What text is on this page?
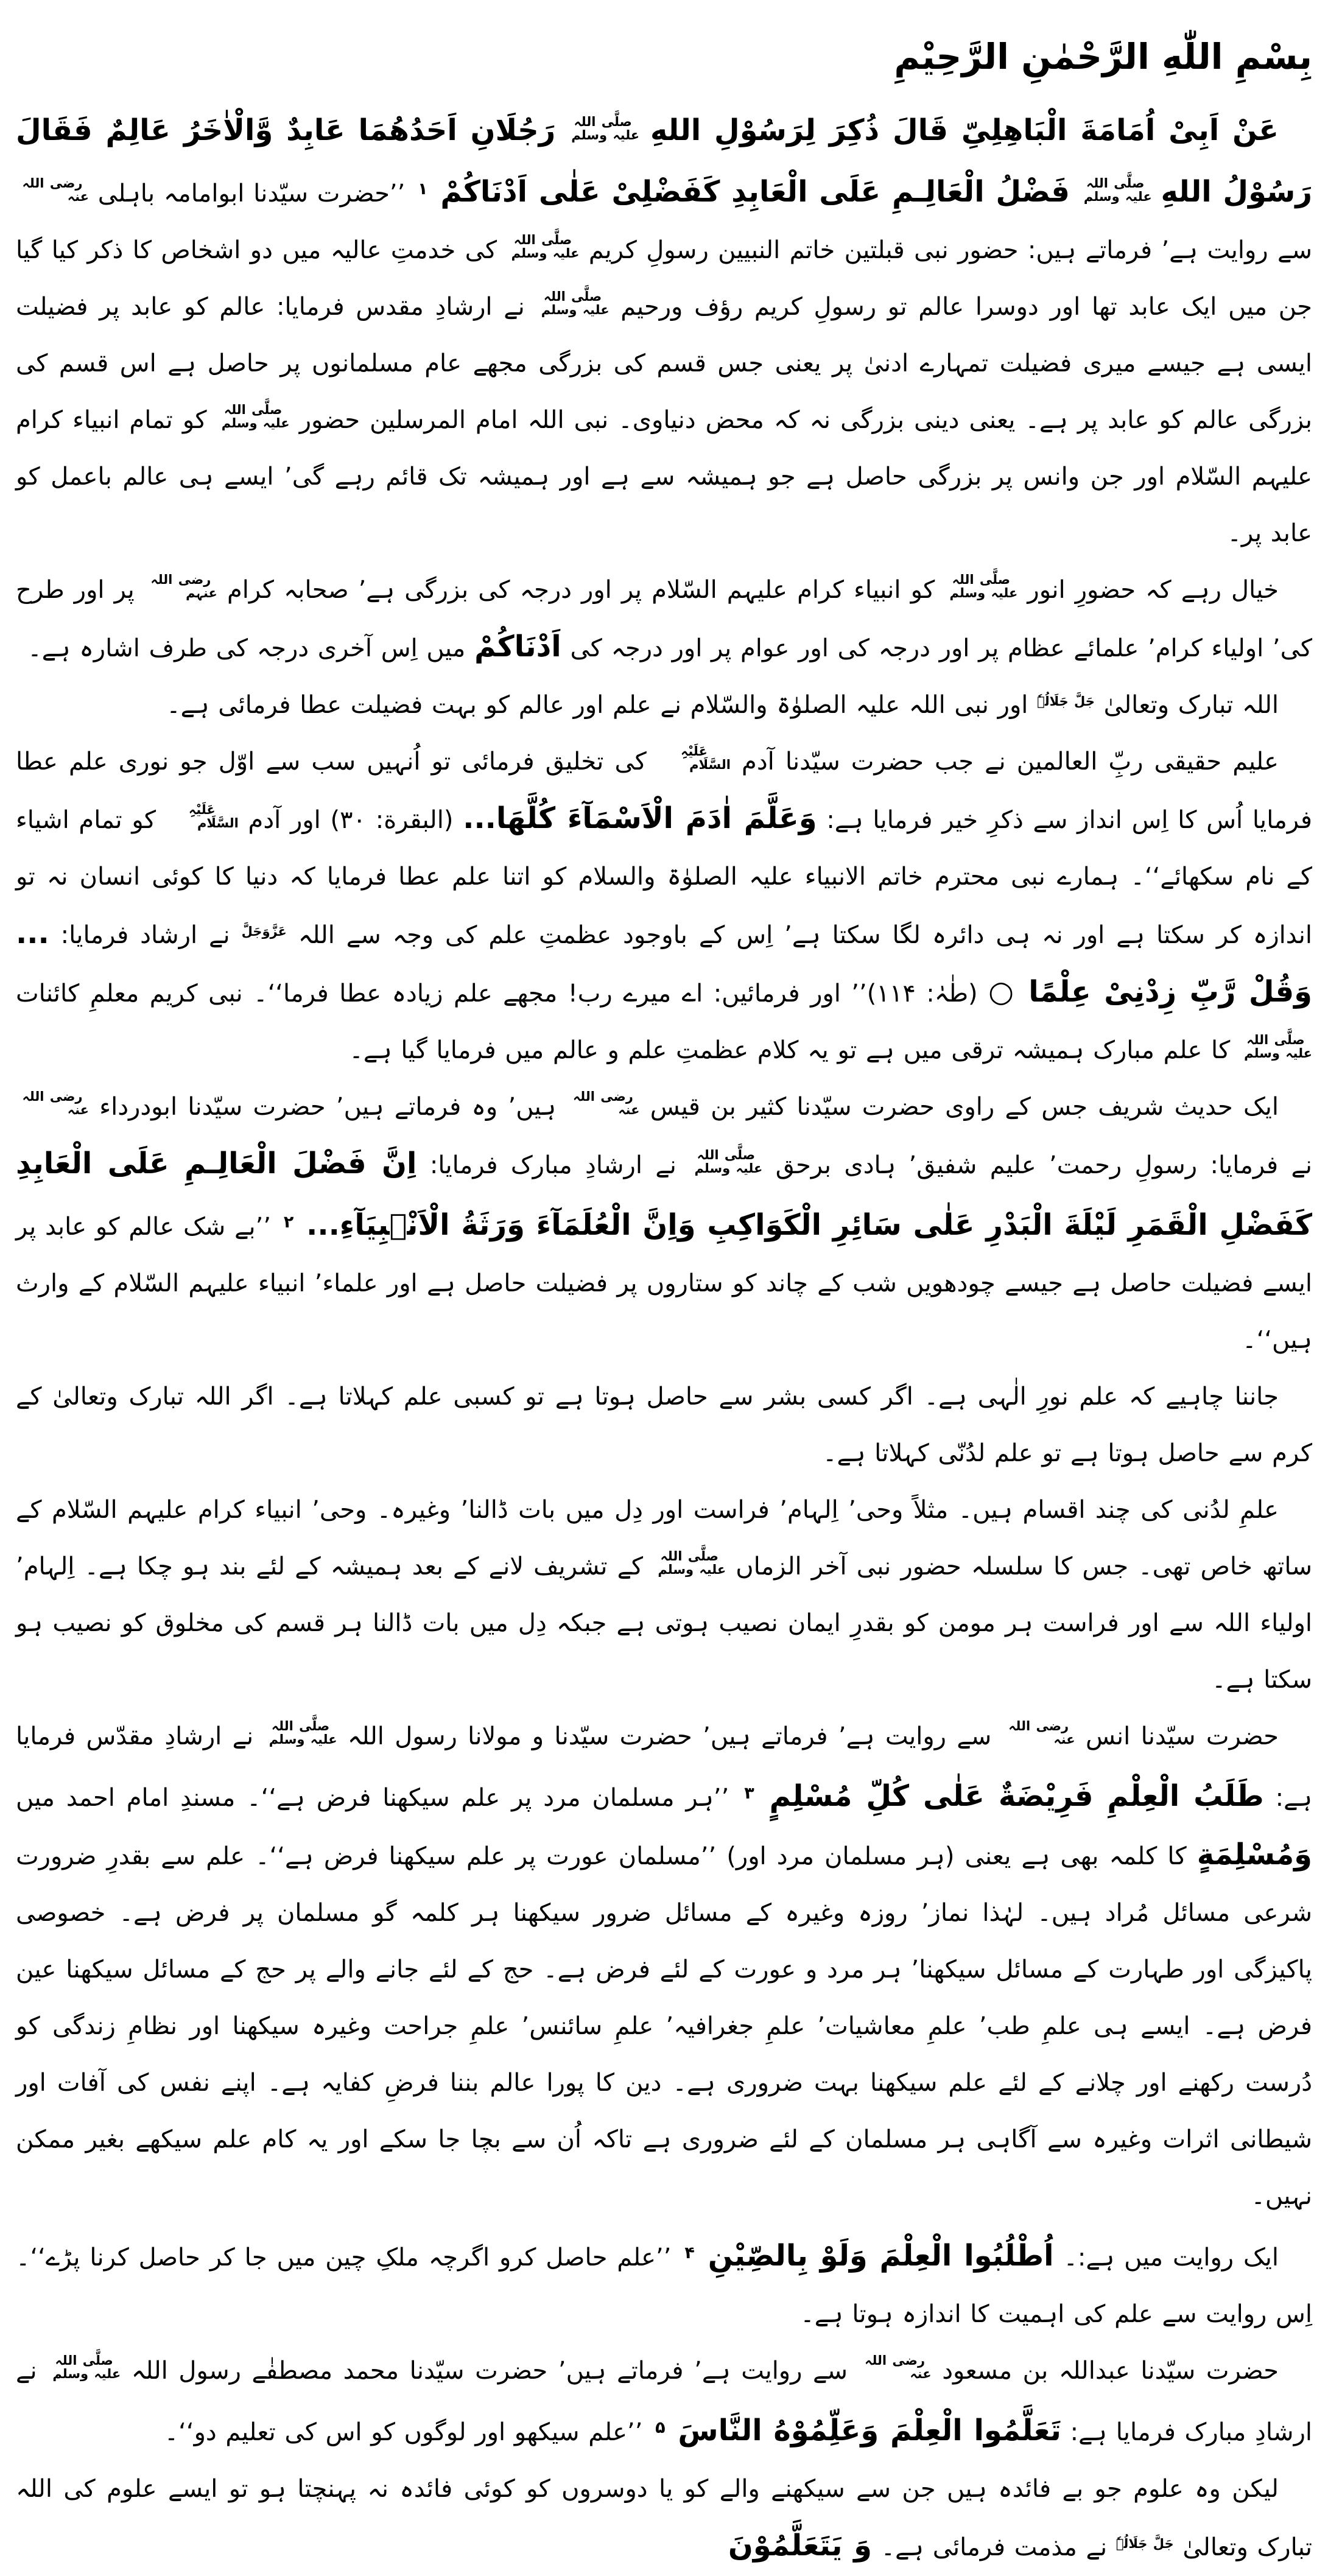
بِسْمِ اللّٰهِ الرَّحْمٰنِ الرَّحِيْمِ
عَنْ اَبِیْ اُمَامَةَ الْبَاهِلِیِّ قَالَ ذُکِرَ لِرَسُوْلِ اللهِ صلَّی اللہ علیہ وسلم رَجُلَانِ اَحَدُهُمَا عَابِدٌ وَّالْاٰخَرُ عَالِمٌ فَقَالَ رَسُوْلُ اللهِ صلَّی اللہ علیہ وسلم فَضْلُ الْعَالِـمِ عَلَی الْعَابِدِ کَفَضْلِیْ عَلٰی اَدْنَاکُمْ $^۱$ ’’حضرت سیّدنا ابوامامہ باہلی رضی اللہ عنہ سے روایت ہے’ فرماتے ہیں: حضور نبی قبلتین خاتم النبیین رسولِ کریم صلَّی اللہ علیہ وسلم کی خدمتِ عالیہ میں دو اشخاص کا ذکر کیا گیا جن میں ایک عابد تھا اور دوسرا عالم تو رسولِ کریم رؤف ورحیم صلَّی اللہ علیہ وسلم نے ارشادِ مقدس فرمایا: عالم کو عابد پر فضیلت ایسی ہے جیسے میری فضیلت تمہارے ادنیٰ پر یعنی جس قسم کی بزرگی مجھے عام مسلمانوں پر حاصل ہے اس قسم کی بزرگی عالم کو عابد پر ہے۔ یعنی دینی بزرگی نہ کہ محض دنیاوی۔ نبی اللہ امام المرسلین حضور صلَّی اللہ علیہ وسلم کو تمام انبیاء کرام علیہم السّلام اور جن وانس پر بزرگی حاصل ہے جو ہمیشہ سے ہے اور ہمیشہ تک قائم رہے گی’ ایسے ہی عالم باعمل کو عابد پر۔
خیال رہے کہ حضورِ انور صلَّی اللہ علیہ وسلم کو انبیاء کرام علیہم السّلام پر اور درجہ کی بزرگی ہے’ صحابہ کرام رضی اللہ عنہم پر اور طرح کی’ اولیاء کرام’ علمائے عظام پر اور درجہ کی اور عوام پر اور درجہ کی اَدْنَاکُمْ میں اِس آخری درجہ کی طرف اشارہ ہے۔
اللہ تبارک وتعالیٰ جَلَّ جَلَالُہٗ اور نبی اللہ علیہ الصلوٰۃ والسّلام نے علم اور عالم کو بہت فضیلت عطا فرمائی ہے۔
علیم حقیقی ربِّ العالمین نے جب حضرت سیّدنا آدم عَلَیْہِ السَّلَام کی تخلیق فرمائی تو اُنہیں سب سے اوّل جو نوری علم عطا فرمایا اُس کا اِس انداز سے ذکرِ خیر فرمایا ہے: وَعَلَّمَ اٰدَمَ الْاَسْمَآءَ کُلَّهَا... (البقرة: ۳۰) اور آدم عَلَیْہِ السَّلَام کو تمام اشیاء کے نام سکھائے‘‘۔ ہمارے نبی محترم خاتم الانبیاء علیہ الصلوٰۃ والسلام کو اتنا علم عطا فرمایا کہ دنیا کا کوئی انسان نہ تو اندازہ کر سکتا ہے اور نہ ہی دائرہ لگا سکتا ہے’ اِس کے باوجود عظمتِ علم کی وجہ سے اللہ عَزَّوَجَلَّ نے ارشاد فرمایا: ... وَقُلْ رَّبِّ زِدْنِیْ عِلْمًا ○ (طٰہٰ: ۱۱۴)’’ اور فرمائیں: اے میرے رب! مجھے علم زیادہ عطا فرما‘‘۔ نبی کریم معلمِ کائنات صلَّی اللہ علیہ وسلم کا علم مبارک ہمیشہ ترقی میں ہے تو یہ کلام عظمتِ علم و عالم میں فرمایا گیا ہے۔
ایک حدیث شریف جس کے راوی حضرت سیّدنا کثیر بن قیس رضی اللہ عنہ ہیں’ وہ فرماتے ہیں’ حضرت سیّدنا ابودرداء رضی اللہ عنہ نے فرمایا: رسولِ رحمت’ علیم شفیق’ ہادی برحق صلَّی اللہ علیہ وسلم نے ارشادِ مبارک فرمایا: اِنَّ فَضْلَ الْعَالِـمِ عَلَی الْعَابِدِ کَفَضْلِ الْقَمَرِ لَیْلَةَ الْبَدْرِ عَلٰی سَائِرِ الْکَوَاکِبِ وَاِنَّ الْعُلَمَآءَ وَرَثَةُ الْاَنْۢبِیَآءِ... $^۲$ ’’بے شک عالم کو عابد پر ایسے فضیلت حاصل ہے جیسے چودھویں شب کے چاند کو ستاروں پر فضیلت حاصل ہے اور علماء’ انبیاء علیہم السّلام کے وارث ہیں‘‘۔
جاننا چاہیے کہ علم نورِ الٰہی ہے۔ اگر کسی بشر سے حاصل ہوتا ہے تو کسبی علم کہلاتا ہے۔ اگر اللہ تبارک وتعالیٰ کے کرم سے حاصل ہوتا ہے تو علم لدُنّی کہلاتا ہے۔
علمِ لدُنی کی چند اقسام ہیں۔ مثلاً وحی’ اِلہام’ فراست اور دِل میں بات ڈالنا’ وغیرہ۔ وحی’ انبیاء کرام علیہم السّلام کے ساتھ خاص تھی۔ جس کا سلسلہ حضور نبی آخر الزماں صلَّی اللہ علیہ وسلم کے تشریف لانے کے بعد ہمیشہ کے لئے بند ہو چکا ہے۔ اِلہام’ اولیاء اللہ سے اور فراست ہر مومن کو بقدرِ ایمان نصیب ہوتی ہے جبکہ دِل میں بات ڈالنا ہر قسم کی مخلوق کو نصیب ہو سکتا ہے۔
حضرت سیّدنا انس رضی اللہ عنہ سے روایت ہے’ فرماتے ہیں’ حضرت سیّدنا و مولانا رسول اللہ صلَّی اللہ علیہ وسلم نے ارشادِ مقدّس فرمایا ہے: طَلَبُ الْعِلْمِ فَرِیْضَةٌ عَلٰی کُلِّ مُسْلِمٍ $^۳$ ’’ہر مسلمان مرد پر علم سیکھنا فرض ہے‘‘۔ مسندِ امام احمد میں وَمُسْلِمَةٍ کا کلمہ بھی ہے یعنی (ہر مسلمان مرد اور) ’’مسلمان عورت پر علم سیکھنا فرض ہے‘‘۔ علم سے بقدرِ ضرورت شرعی مسائل مُراد ہیں۔ لہٰذا نماز’ روزہ وغیرہ کے مسائل ضرور سیکھنا ہر کلمہ گو مسلمان پر فرض ہے۔ خصوصی پاکیزگی اور طہارت کے مسائل سیکھنا’ ہر مرد و عورت کے لئے فرض ہے۔ حج کے لئے جانے والے پر حج کے مسائل سیکھنا عین فرض ہے۔ ایسے ہی علمِ طب’ علمِ معاشیات’ علمِ جغرافیہ’ علمِ سائنس’ علمِ جراحت وغیرہ سیکھنا اور نظامِ زندگی کو دُرست رکھنے اور چلانے کے لئے علم سیکھنا بہت ضروری ہے۔ دین کا پورا عالم بننا فرضِ کفایہ ہے۔ اپنے نفس کی آفات اور شیطانی اثرات وغیرہ سے آگاہی ہر مسلمان کے لئے ضروری ہے تاکہ اُن سے بچا جا سکے اور یہ کام علم سیکھے بغیر ممکن نہیں۔
ایک روایت میں ہے:۔ اُطْلُبُوا الْعِلْمَ وَلَوْ بِالصِّیْنِ $^۴$ ’’علم حاصل کرو اگرچہ ملکِ چین میں جا کر حاصل کرنا پڑے‘‘۔ اِس روایت سے علم کی اہمیت کا اندازہ ہوتا ہے۔
حضرت سیّدنا عبداللہ بن مسعود رضی اللہ عنہ سے روایت ہے’ فرماتے ہیں’ حضرت سیّدنا محمد مصطفٰے رسول اللہ صلَّی اللہ علیہ وسلم نے ارشادِ مبارک فرمایا ہے: تَعَلَّمُوا الْعِلْمَ وَعَلِّمُوْهُ النَّاسَ $^۵$ ’’علم سیکھو اور لوگوں کو اس کی تعلیم دو‘‘۔
لیکن وہ علوم جو بے فائدہ ہیں جن سے سیکھنے والے کو یا دوسروں کو کوئی فائدہ نہ پہنچتا ہو تو ایسے علوم کی اللہ تبارک وتعالیٰ جَلَّ جَلَالُہٗ نے مذمت فرمائی ہے۔ وَ یَتَعَلَّمُوْنَ
